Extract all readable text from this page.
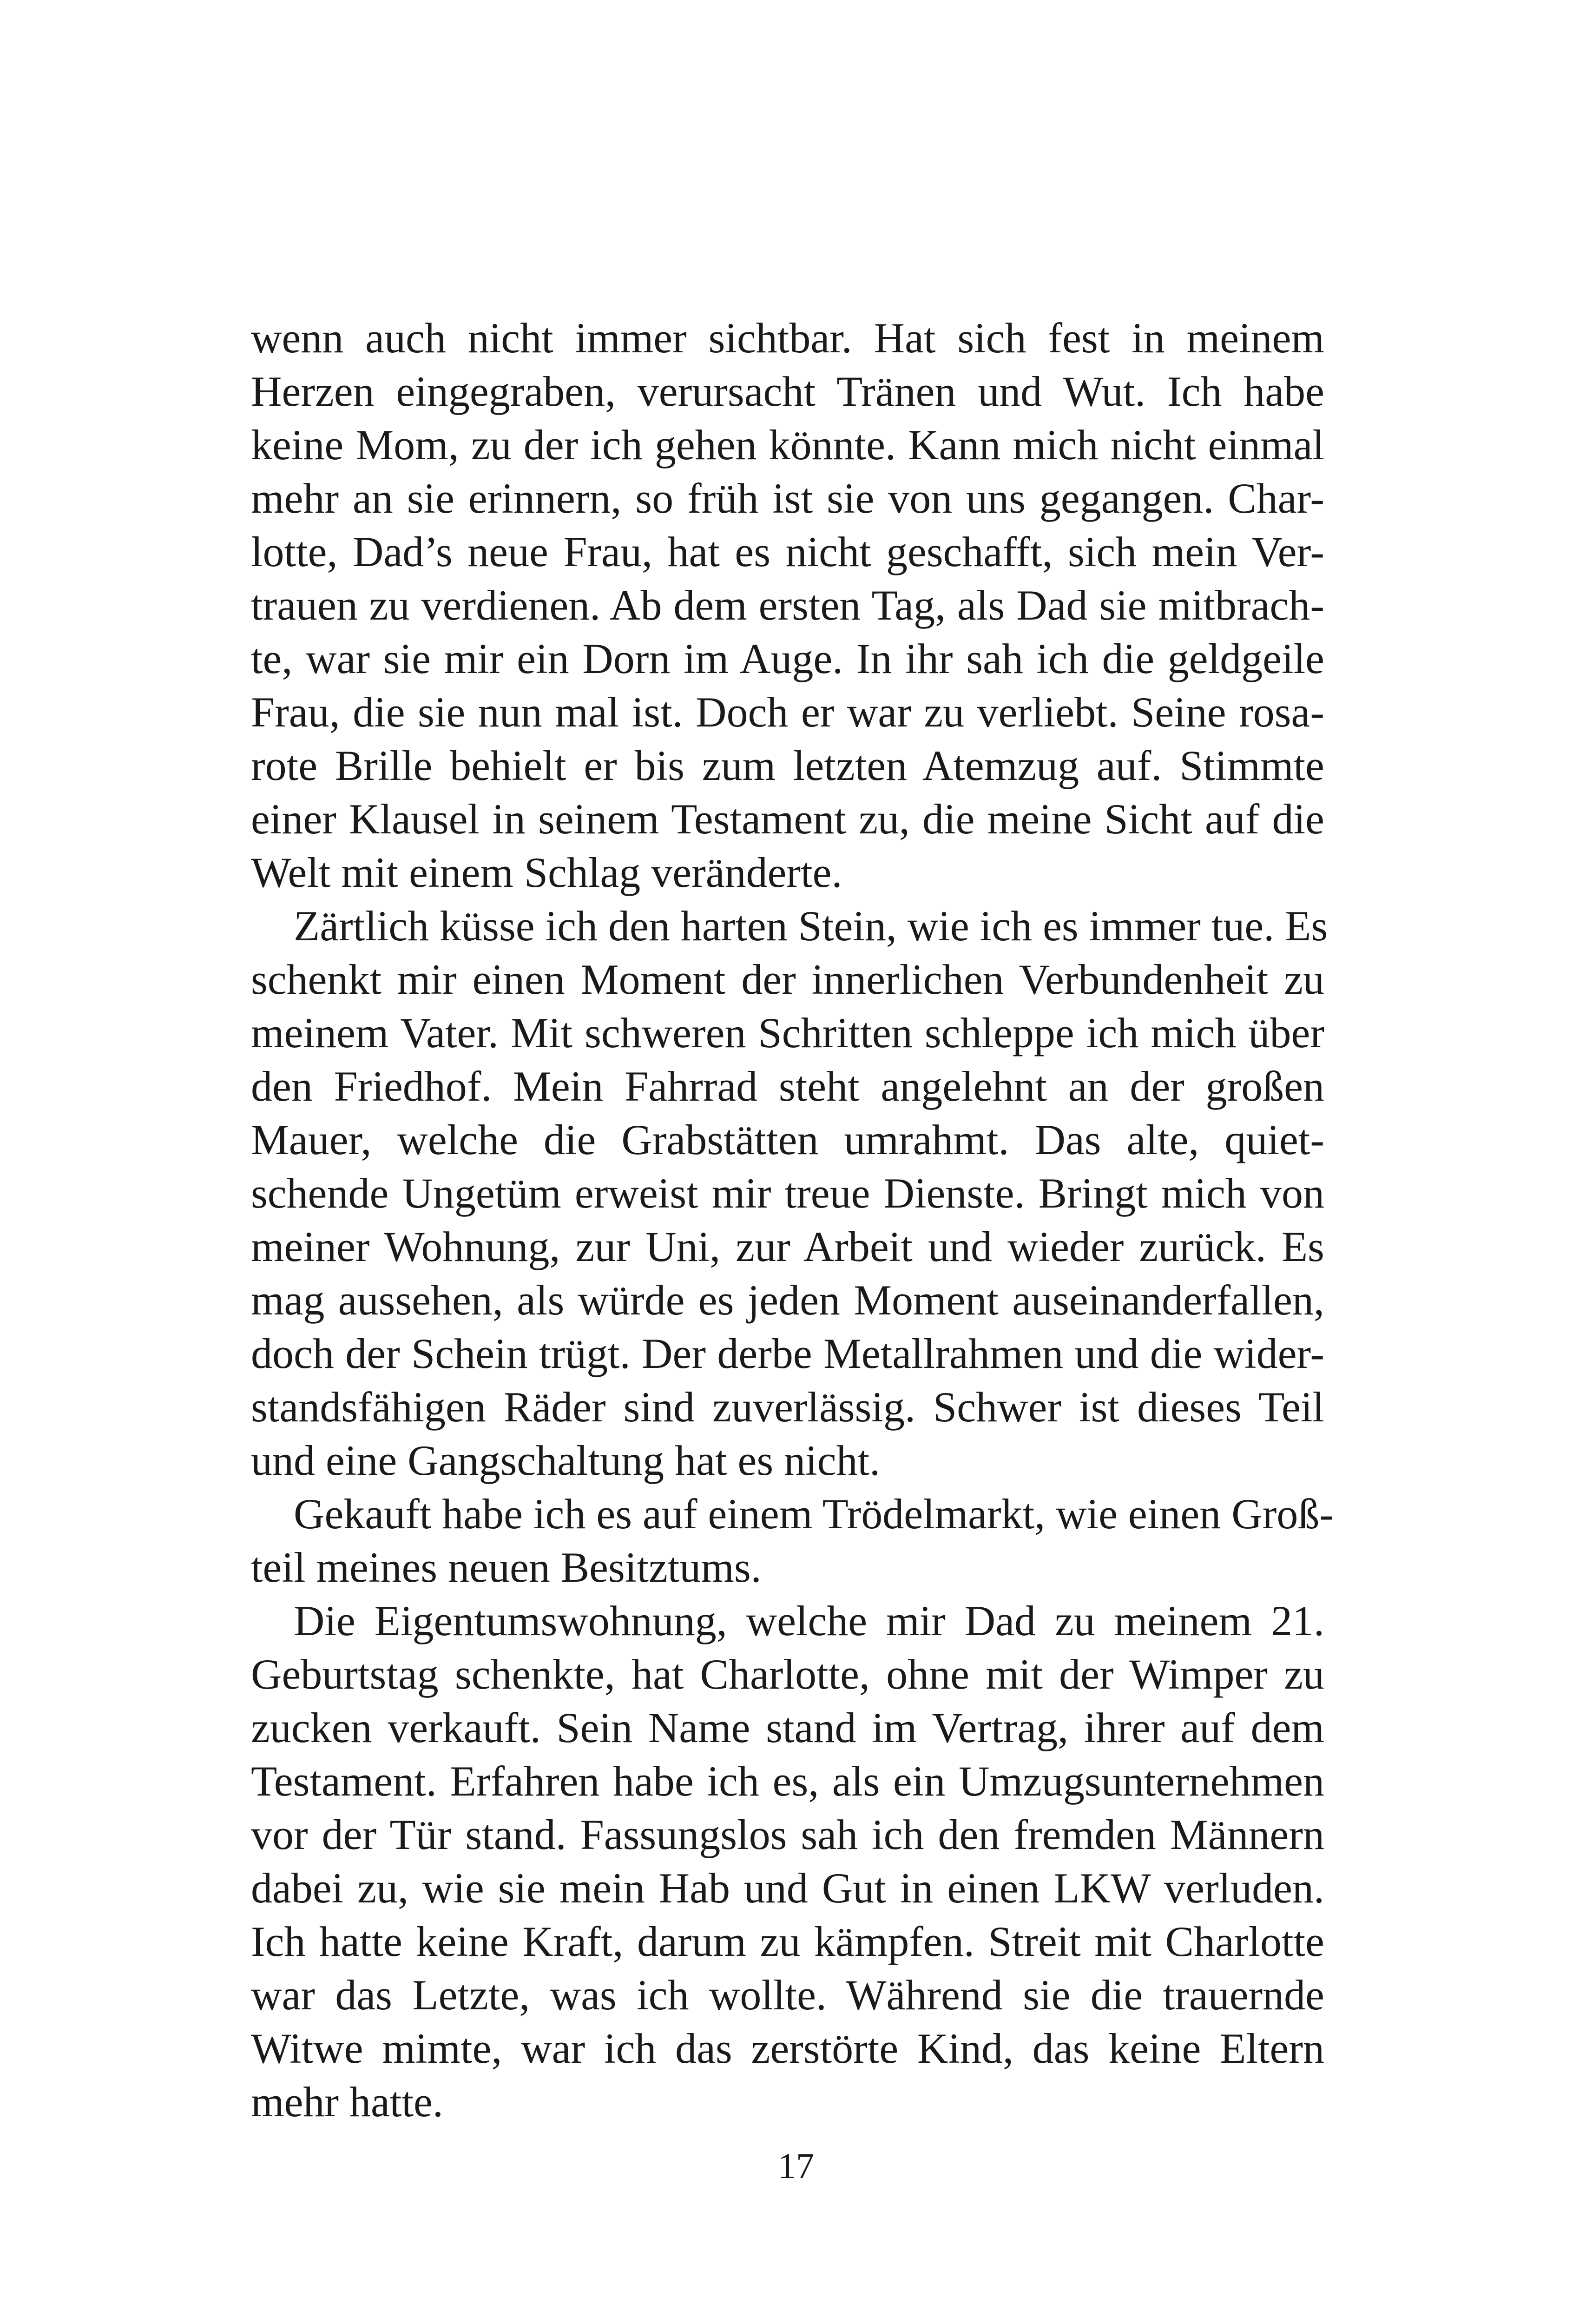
wenn auch nicht immer sichtbar. Hat sich fest in meinem
Herzen eingegraben, verursacht Tränen und Wut. Ich habe
keine Mom, zu der ich gehen könnte. Kann mich nicht einmal
mehr an sie erinnern, so früh ist sie von uns gegangen. Char-
lotte, Dad’s neue Frau, hat es nicht geschafft, sich mein Ver-
trauen zu verdienen. Ab dem ersten Tag, als Dad sie mitbrach-
te, war sie mir ein Dorn im Auge. In ihr sah ich die geldgeile
Frau, die sie nun mal ist. Doch er war zu verliebt. Seine rosa-
rote Brille behielt er bis zum letzten Atemzug auf. Stimmte
einer Klausel in seinem Testament zu, die meine Sicht auf die
Welt mit einem Schlag veränderte.
Zärtlich küsse ich den harten Stein, wie ich es immer tue. Es
schenkt mir einen Moment der innerlichen Verbundenheit zu
meinem Vater. Mit schweren Schritten schleppe ich mich über
den Friedhof. Mein Fahrrad steht angelehnt an der großen
Mauer, welche die Grabstätten umrahmt. Das alte, quiet-
schende Ungetüm erweist mir treue Dienste. Bringt mich von
meiner Wohnung, zur Uni, zur Arbeit und wieder zurück. Es
mag aussehen, als würde es jeden Moment auseinanderfallen,
doch der Schein trügt. Der derbe Metallrahmen und die wider-
standsfähigen Räder sind zuverlässig. Schwer ist dieses Teil
und eine Gangschaltung hat es nicht.
Gekauft habe ich es auf einem Trödelmarkt, wie einen Groß-
teil meines neuen Besitztums.
Die Eigentumswohnung, welche mir Dad zu meinem 21.
Geburtstag schenkte, hat Charlotte, ohne mit der Wimper zu
zucken verkauft. Sein Name stand im Vertrag, ihrer auf dem
Testament. Erfahren habe ich es, als ein Umzugsunternehmen
vor der Tür stand. Fassungslos sah ich den fremden Männern
dabei zu, wie sie mein Hab und Gut in einen LKW verluden.
Ich hatte keine Kraft, darum zu kämpfen. Streit mit Charlotte
war das Letzte, was ich wollte. Während sie die trauernde
Witwe mimte, war ich das zerstörte Kind, das keine Eltern
mehr hatte.
17
